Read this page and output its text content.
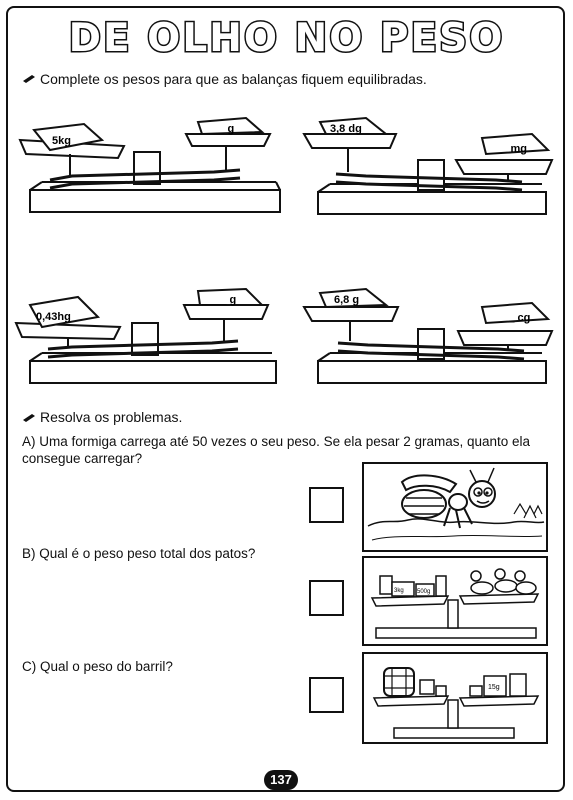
DE OLHO NO PESO
Complete os pesos para que as balanças fiquem equilibradas.
5kg
____ g	3,8 dg
____mg
0,43hg
____ g	6,8 g
____ cg
Resolva os problemas.
A) Uma formiga carrega até 50 vezes o seu peso. Se ela pesar 2 gramas, quanto ela consegue carregar?
B) Qual é o peso peso total dos patos?
3kg 500g
C) Qual o peso do barril?
15g
137
